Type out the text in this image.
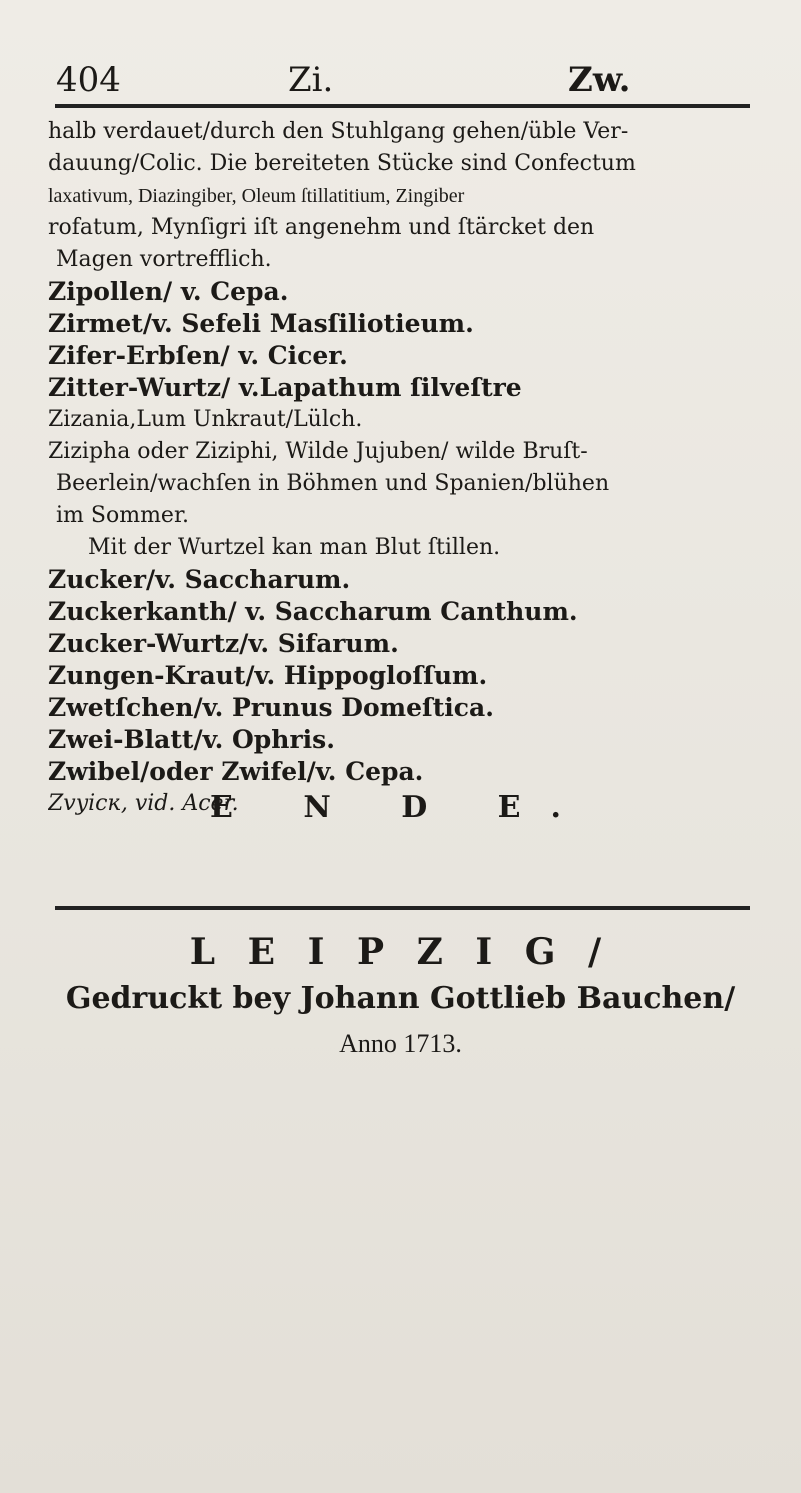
404	Zi.	Zw.
halb verdauet/durch den Stuhlgang gehen/üble Ver-
dauung/Colic. Die bereiteten Stücke sind Confectum
laxativum, Diazingiber, Oleum ſtillatitium, Zingiber
rofatum, Mynſigri iſt angenehm und ſtärcket den
Magen vortrefflich.
Zipollen/ v. Cepa.
Zirmet/v. Sefeli Masſiliotieum.
Zifer-Erbſen/ v. Cicer.
Zitter-Wurtz/ v.Lapathum ſilveſtre
Zizania,Lum Unkraut/Lülch.
Zizipha oder Ziziphi, Wilde Jujuben/ wilde Bruſt-
Beerlein/wachſen in Böhmen und Spanien/blühen
im Sommer.
Mit der Wurtzel kan man Blut ſtillen.
Zucker/v. Saccharum.
Zuckerkanth/ v. Saccharum Canthum.
Zucker-Wurtz/v. Sifarum.
Zungen-Kraut/v. Hippogloſſum.
Zwetſchen/v. Prunus Domeſtica.
Zwei-Blatt/v. Ophris.
Zwibel/oder Zwifel/v. Cepa.
Zvyicĸ, vid. Acer.
E N D E.
L E I P Z I G /
Gedruckt bey Johann Gottlieb Bauchen/
Anno 1713.
